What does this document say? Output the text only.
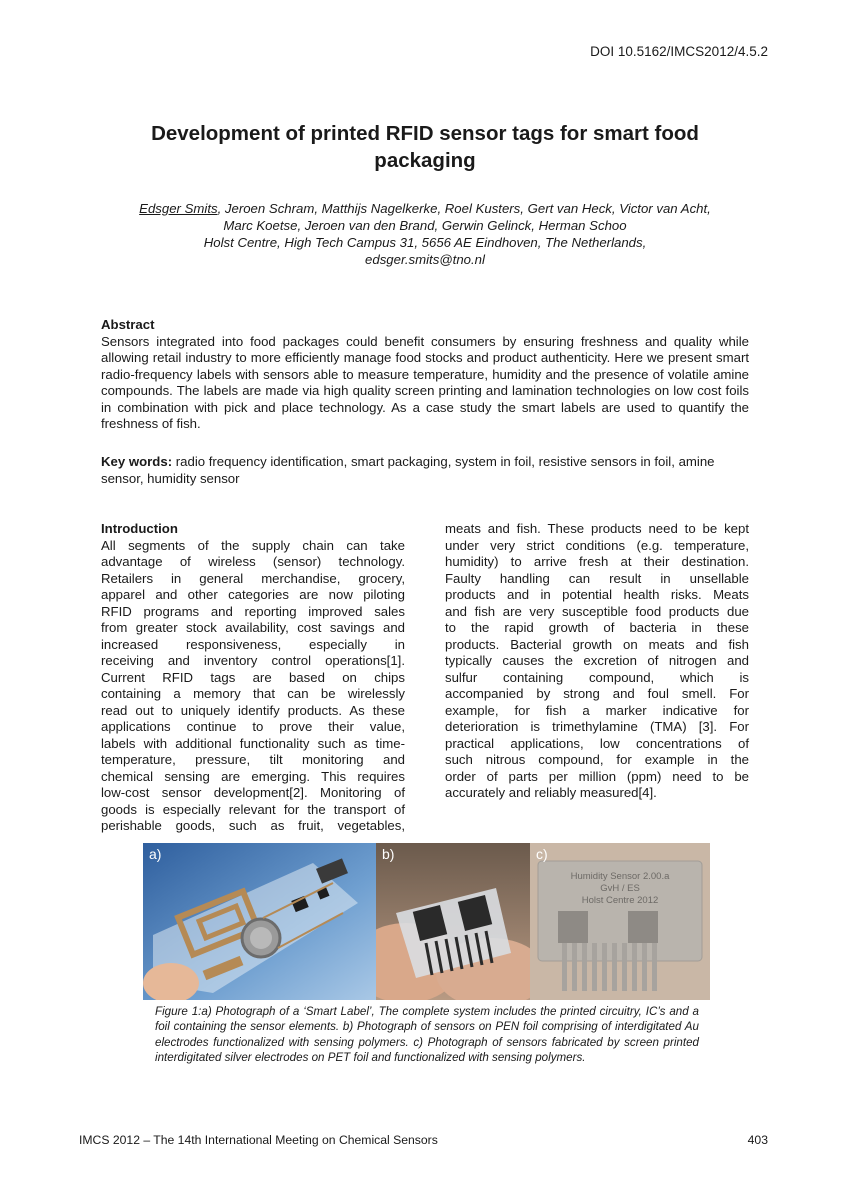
DOI 10.5162/IMCS2012/4.5.2
Development of printed RFID sensor tags for smart food
packaging
Edsger Smits, Jeroen Schram, Matthijs Nagelkerke, Roel Kusters, Gert van Heck, Victor van Acht,
Marc Koetse, Jeroen van den Brand, Gerwin Gelinck, Herman Schoo
Holst Centre, High Tech Campus 31, 5656 AE Eindhoven, The Netherlands,
edsger.smits@tno.nl
Abstract
Sensors integrated into food packages could benefit consumers by ensuring freshness and quality while allowing retail industry to more efficiently manage food stocks and product authenticity. Here we present smart radio-frequency labels with sensors able to measure temperature, humidity and the presence of volatile amine compounds. The labels are made via high quality screen printing and lamination technologies on low cost foils in combination with pick and place technology. As a case study the smart labels are used to quantify the freshness of fish.
Key words: radio frequency identification, smart packaging, system in foil, resistive sensors in foil, amine sensor, humidity sensor
Introduction
All segments of the supply chain can take
advantage of wireless (sensor) technology.
Retailers in general merchandise, grocery,
apparel and other categories are now piloting
RFID programs and reporting improved sales
from greater stock availability, cost savings and
increased responsiveness, especially in
receiving and inventory control operations[1].
Current RFID tags are based on chips
containing a memory that can be wirelessly
read out to uniquely identify products. As these
applications continue to prove their value,
labels with additional functionality such as time-
temperature, pressure, tilt monitoring and
chemical sensing are emerging. This requires
low-cost sensor development[2]. Monitoring of
goods is especially relevant for the transport of
perishable goods, such as fruit, vegetables,
meats and fish. These products need to be kept
under very strict conditions (e.g. temperature,
humidity) to arrive fresh at their destination.
Faulty handling can result in unsellable
products and in potential health risks. Meats
and fish are very susceptible food products due
to the rapid growth of bacteria in these
products. Bacterial growth on meats and fish
typically causes the excretion of nitrogen and
sulfur containing compound, which is
accompanied by strong and foul smell. For
example, for fish a marker indicative for
deterioration is trimethylamine (TMA) [3]. For
practical applications, low concentrations of
such nitrous compound, for example in the
order of parts per million (ppm) need to be
accurately and reliably measured[4].
a)	b)
Humidity Sensor 2.00.a
GvH / ES
Holst Centre 2012
c)
Figure 1:a) Photograph of a ‘Smart Label’, The complete system includes the printed circuitry, IC’s and a foil containing the sensor elements. b) Photograph of sensors on PEN foil comprising of interdigitated Au electrodes functionalized with sensing polymers. c) Photograph of sensors fabricated by screen printed interdigitated silver electrodes on PET foil and functionalized with sensing polymers.
IMCS 2012 – The 14th International Meeting on Chemical Sensors	403
